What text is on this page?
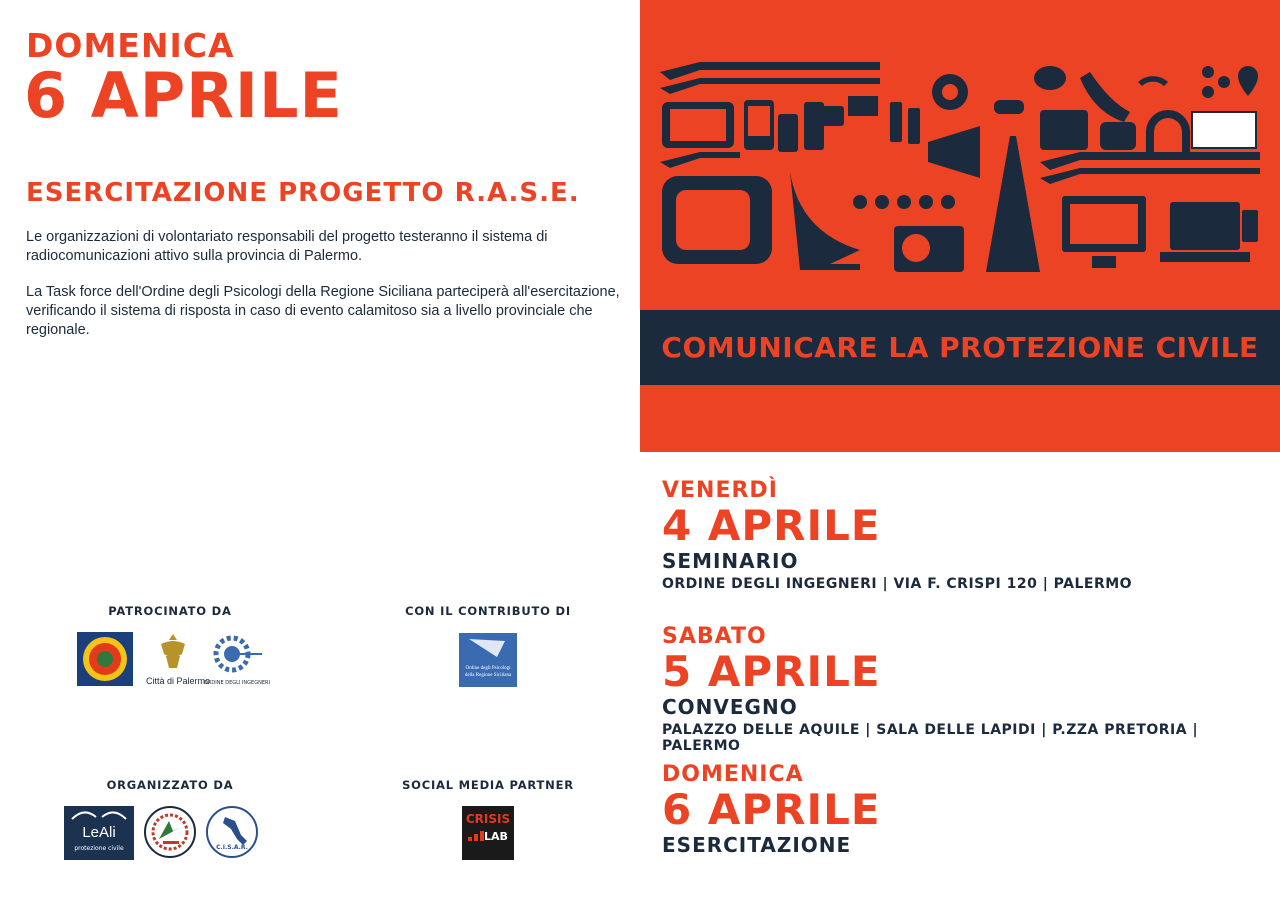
DOMENICA
6 APRILE
ESERCITAZIONE PROGETTO R.A.S.E.
Le organizzazioni di volontariato responsabili del progetto testeranno il sistema di radiocomunicazioni attivo sulla provincia di Palermo.
La Task force dell'Ordine degli Psicologi della Regione Siciliana parteciperà all'esercitazione, verificando il sistema di risposta in caso di evento calamitoso sia a livello provinciale che regionale.
COMUNICARE LA PROTEZIONE CIVILE
VENERDÌ
4 APRILE
SEMINARIO
ORDINE DEGLI INGEGNERI | VIA F. CRISPI 120 | PALERMO
SABATO
5 APRILE
CONVEGNO
PALAZZO DELLE AQUILE | SALA DELLE LAPIDI | P.ZZA PRETORIA | PALERMO
DOMENICA
6 APRILE
ESERCITAZIONE
PATROCINATO DA
Città di Palermo
ORDINE DEGLI INGEGNERI
CON IL CONTRIBUTO DI
Ordine degli Psicologi della Regione Siciliana
ORGANIZZATO DA
LeAli
protezione civile	C.I.S.A.R.
SOCIAL MEDIA PARTNER
CRISIS
LAB
